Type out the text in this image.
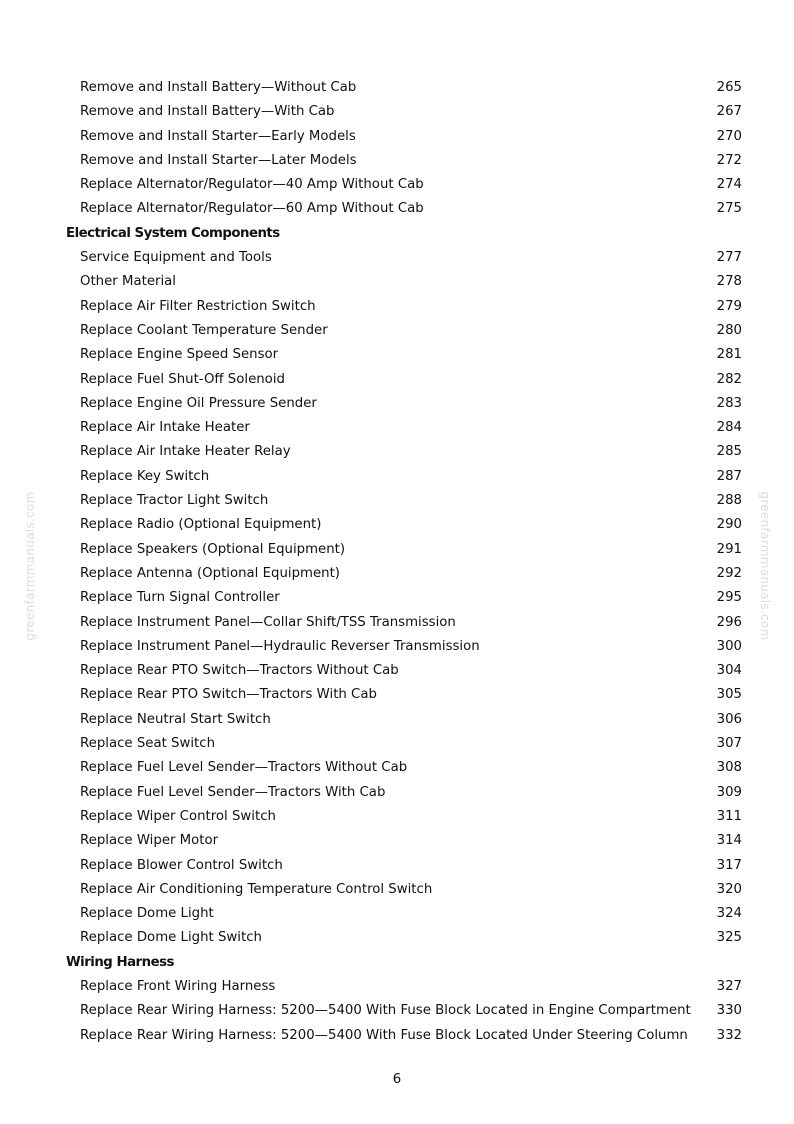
greenfarmmanuals.com	greenfarmmanuals.com
Remove and Install Battery—Without Cab	265
Remove and Install Battery—With Cab	267
Remove and Install Starter—Early Models	270
Remove and Install Starter—Later Models	272
Replace Alternator/Regulator—40 Amp Without Cab	274
Replace Alternator/Regulator—60 Amp Without Cab	275
Electrical System Components
Service Equipment and Tools	277
Other Material	278
Replace Air Filter Restriction Switch	279
Replace Coolant Temperature Sender	280
Replace Engine Speed Sensor	281
Replace Fuel Shut-Off Solenoid	282
Replace Engine Oil Pressure Sender	283
Replace Air Intake Heater	284
Replace Air Intake Heater Relay	285
Replace Key Switch	287
Replace Tractor Light Switch	288
Replace Radio (Optional Equipment)	290
Replace Speakers (Optional Equipment)	291
Replace Antenna (Optional Equipment)	292
Replace Turn Signal Controller	295
Replace Instrument Panel—Collar Shift/TSS Transmission	296
Replace Instrument Panel—Hydraulic Reverser Transmission	300
Replace Rear PTO Switch—Tractors Without Cab	304
Replace Rear PTO Switch—Tractors With Cab	305
Replace Neutral Start Switch	306
Replace Seat Switch	307
Replace Fuel Level Sender—Tractors Without Cab	308
Replace Fuel Level Sender—Tractors With Cab	309
Replace Wiper Control Switch	311
Replace Wiper Motor	314
Replace Blower Control Switch	317
Replace Air Conditioning Temperature Control Switch	320
Replace Dome Light	324
Replace Dome Light Switch	325
Wiring Harness
Replace Front Wiring Harness	327
Replace Rear Wiring Harness: 5200—5400 With Fuse Block Located in Engine Compartment	330
Replace Rear Wiring Harness: 5200—5400 With Fuse Block Located Under Steering Column	332
6
